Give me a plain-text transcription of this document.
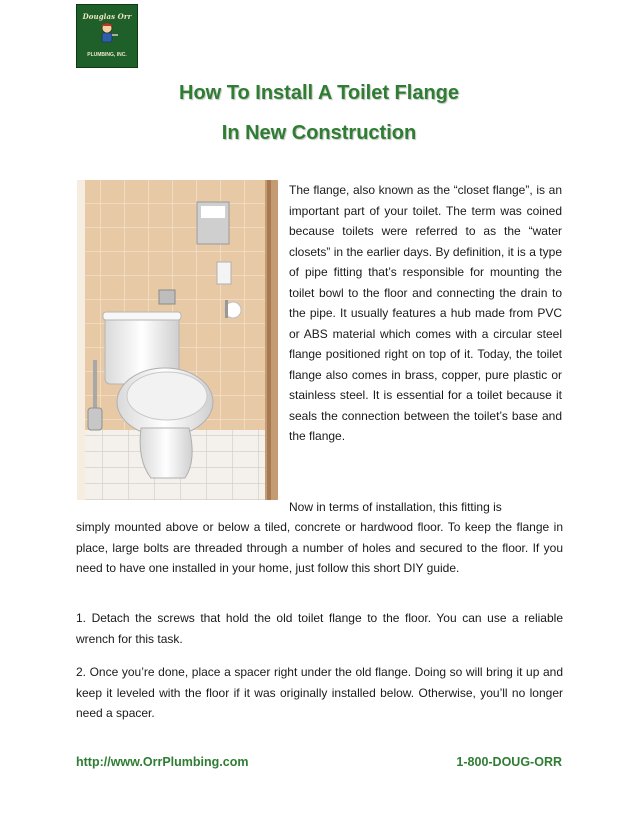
Douglas Orr
PLUMBING, INC.
How To Install A Toilet Flange
In New Construction

The flange, also known as the “closet flange”, is an important part of your toilet. The term was coined because toilets were referred to as the “water closets” in the earlier days. By definition, it is a type of pipe fitting that’s responsible for mounting the toilet bowl to the floor and connecting the drain to the pipe. It usually features a hub made from PVC or ABS material which comes with a circular steel flange positioned right on top of it. Today, the toilet flange also comes in brass, copper, pure plastic or stainless steel. It is essential for a toilet because it seals the connection between the toilet’s base and the flange.

Now in terms of installation, this fitting is

simply mounted above or below a tiled, concrete or hardwood floor. To keep the flange in place, large bolts are threaded through a number of holes and secured to the floor. If you need to have one installed in your home, just follow this short DIY guide.

1. Detach the screws that hold the old toilet flange to the floor. You can use a reliable wrench for this task.

2. Once you’re done, place a spacer right under the old flange. Doing so will bring it up and keep it leveled with the floor if it was originally installed below. Otherwise, you’ll no longer need a spacer.

http://www.OrrPlumbing.com	1-800-DOUG-ORR
